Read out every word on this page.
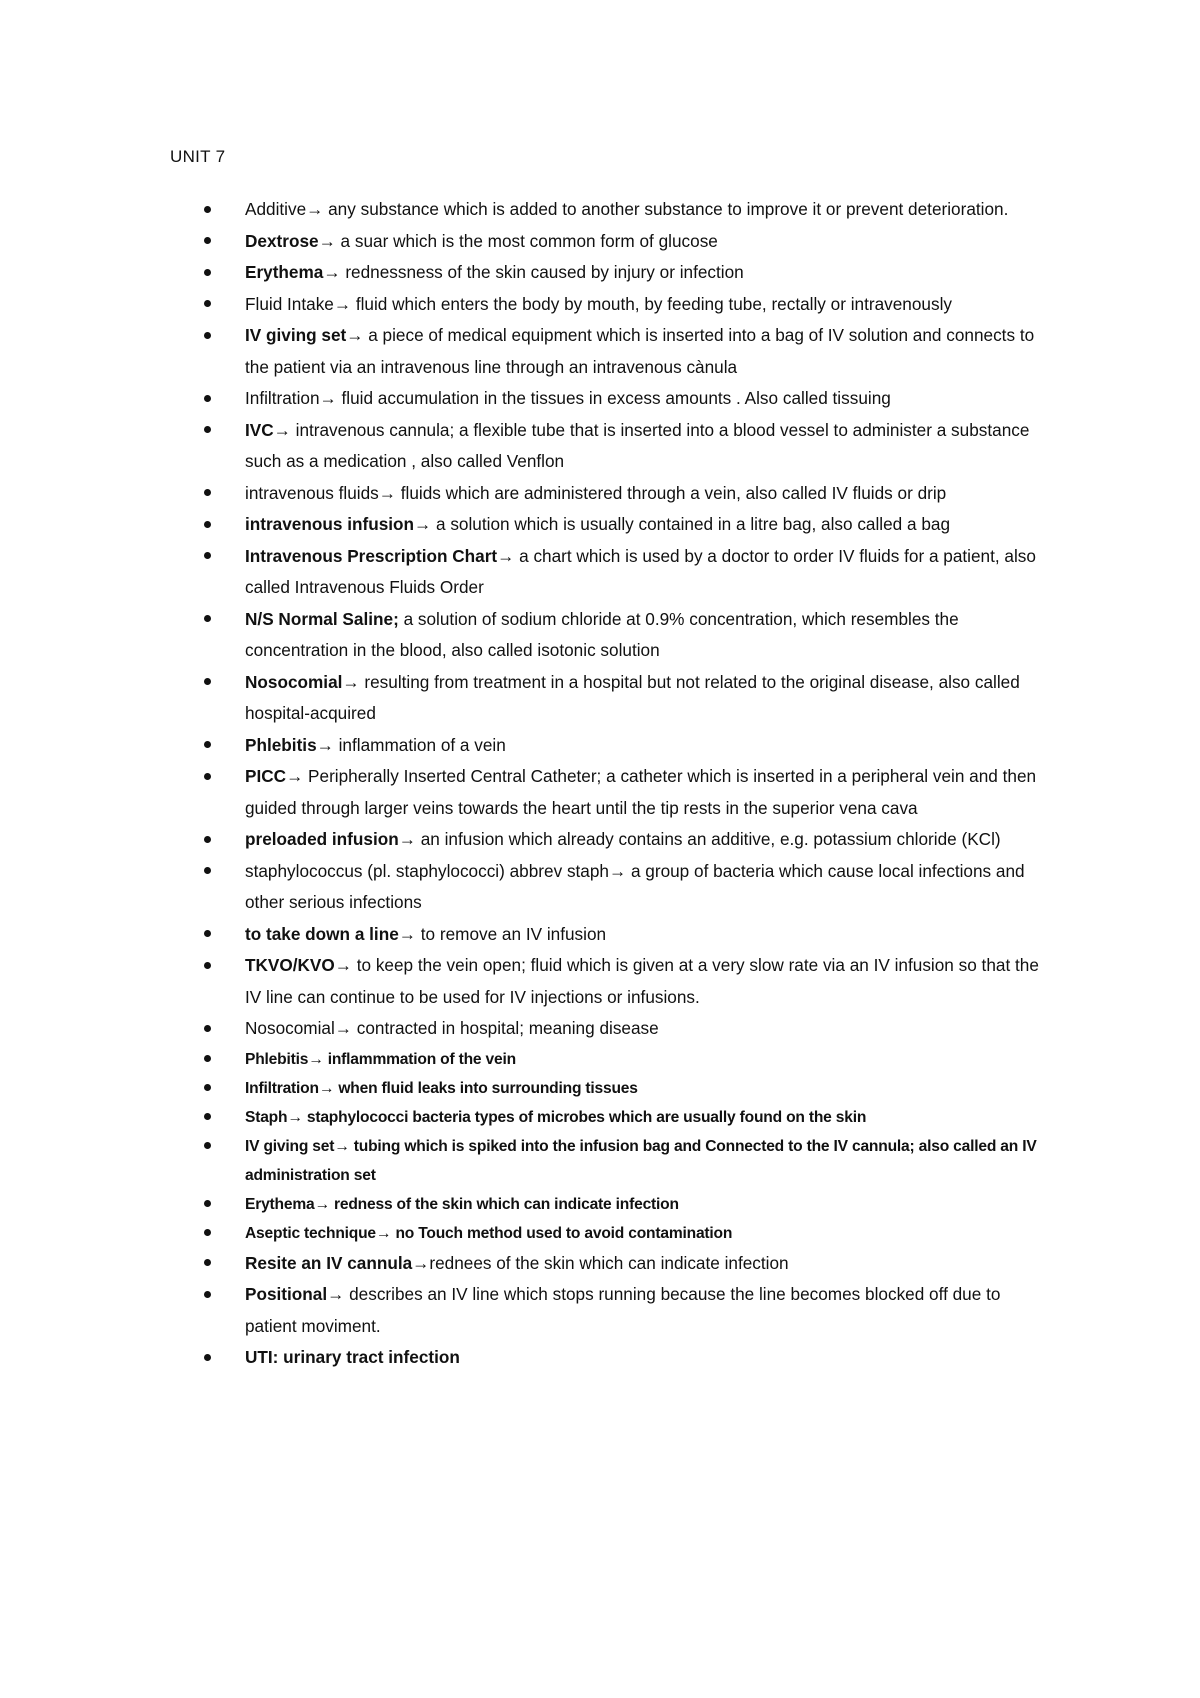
UNIT 7
Additive→ any substance which is added to another substance to improve it or prevent deterioration.
Dextrose→ a suar which is the most common form of glucose
Erythema→ rednessness of the skin caused by injury or infection
Fluid Intake→ fluid which enters the body by mouth, by feeding tube, rectally or intravenously
IV giving set→ a piece of medical equipment which is inserted into a bag of IV solution and connects to the patient via an intravenous line through an intravenous cànula
Infiltration→ fluid accumulation in the tissues in excess amounts . Also called tissuing
IVC→ intravenous cannula; a flexible tube that is inserted into a blood vessel to administer a substance such as a medication , also called Venflon
intravenous fluids→ fluids which are administered through a vein, also called IV fluids or drip
intravenous infusion→ a solution which is usually contained in a litre bag, also called a bag
Intravenous Prescription Chart→ a chart which is used by a doctor to order IV fluids for a patient, also called Intravenous Fluids Order
N/S Normal Saline; a solution of sodium chloride at 0.9% concentration, which resembles the concentration in the blood, also called isotonic solution
Nosocomial→ resulting from treatment in a hospital but not related to the original disease, also called hospital-acquired
Phlebitis→ inflammation of a vein
PICC→ Peripherally Inserted Central Catheter; a catheter which is inserted in a peripheral vein and then guided through larger veins towards the heart until the tip rests in the superior vena cava
preloaded infusion→ an infusion which already contains an additive, e.g. potassium chloride (KCl)
staphylococcus (pl. staphylococci) abbrev staph→ a group of bacteria which cause local infections and other serious infections
to take down a line→ to remove an IV infusion
TKVO/KVO→ to keep the vein open; fluid which is given at a very slow rate via an IV infusion so that the IV line can continue to be used for IV injections or infusions.
Nosocomial→ contracted in hospital; meaning disease
Phlebitis→ inflammmation of the vein
Infiltration→ when fluid leaks into surrounding tissues
Staph→ staphylococci bacteria types of microbes which are usually found on the skin
IV giving set→ tubing which is spiked into the infusion bag and Connected to the IV cannula; also called an IV administration set
Erythema→ redness of the skin which can indicate infection
Aseptic technique→ no Touch method used to avoid contamination
Resite an IV cannula→rednees of the skin which can indicate infection
Positional→ describes an IV line which stops running because the line becomes blocked off due to patient moviment.
UTI: urinary tract infection
